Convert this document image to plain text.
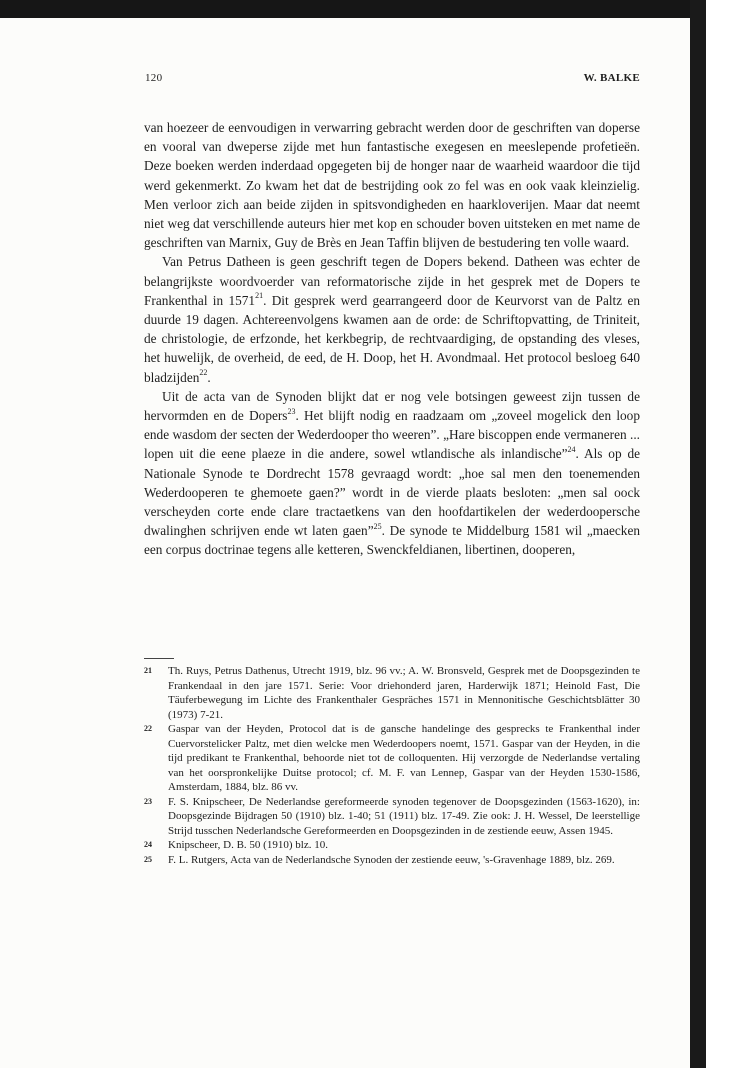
120	W. BALKE

van hoezeer de eenvoudigen in verwarring gebracht werden door de geschriften van doperse en vooral van dweperse zijde met hun fantastische exegesen en meeslepende profetieën. Deze boeken werden inderdaad opgegeten bij de honger naar de waarheid waardoor die tijd werd gekenmerkt. Zo kwam het dat de bestrijding ook zo fel was en ook vaak kleinzielig. Men verloor zich aan beide zijden in spitsvondigheden en haarkloverijen. Maar dat neemt niet weg dat verschillende auteurs hier met kop en schouder boven uitsteken en met name de geschriften van Marnix, Guy de Brès en Jean Taffin blijven de bestudering ten volle waard.

Van Petrus Datheen is geen geschrift tegen de Dopers bekend. Datheen was echter de belangrijkste woordvoerder van reformatorische zijde in het gesprek met de Dopers te Frankenthal in 1571$^{21}$. Dit gesprek werd gearrangeerd door de Keurvorst van de Paltz en duurde 19 dagen. Achtereenvolgens kwamen aan de orde: de Schriftopvatting, de Triniteit, de christologie, de erfzonde, het kerkbegrip, de rechtvaardiging, de opstanding des vleses, het huwelijk, de overheid, de eed, de H. Doop, het H. Avondmaal. Het protocol besloeg 640 bladzijden$^{22}$.

Uit de acta van de Synoden blijkt dat er nog vele botsingen geweest zijn tussen de hervormden en de Dopers$^{23}$. Het blijft nodig en raadzaam om „zoveel mogelick den loop ende wasdom der secten der Wederdooper tho weeren”. „Hare biscoppen ende vermaneren ... lopen uit die eene plaeze in die andere, sowel wtlandische als inlandische”$^{24}$. Als op de Nationale Synode te Dordrecht 1578 gevraagd wordt: „hoe sal men den toenemenden Wederdooperen te ghemoete gaen?” wordt in de vierde plaats besloten: „men sal oock verscheyden corte ende clare tractaetkens van den hoofdartikelen der wederdoopersche dwalinghen schrijven ende wt laten gaen”$^{25}$. De synode te Middelburg 1581 wil „maecken een corpus doctrinae tegens alle ketteren, Swenckfeldianen, libertinen, dooperen,

21 Th. Ruys, Petrus Dathenus, Utrecht 1919, blz. 96 vv.; A. W. Bronsveld, Gesprek met de Doopsgezinden te Frankendaal in den jare 1571. Serie: Voor driehonderd jaren, Harderwijk 1871; Heinold Fast, Die Täuferbewegung im Lichte des Frankenthaler Gespräches 1571 in Mennonitische Geschichtsblätter 30 (1973) 7-21.
22 Gaspar van der Heyden, Protocol dat is de gansche handelinge des gesprecks te Frankenthal inder Cuervorstelicker Paltz, met dien welcke men Wederdoopers noemt, 1571. Gaspar van der Heyden, in die tijd predikant te Frankenthal, behoorde niet tot de colloquenten. Hij verzorgde de Nederlandse vertaling van het oorspronkelijke Duitse protocol; cf. M. F. van Lennep, Gaspar van der Heyden 1530-1586, Amsterdam, 1884, blz. 86 vv.
23 F. S. Knipscheer, De Nederlandse gereformeerde synoden tegenover de Doopsgezinden (1563-1620), in: Doopsgezinde Bijdragen 50 (1910) blz. 1-40; 51 (1911) blz. 17-49. Zie ook: J. H. Wessel, De leerstellige Strijd tusschen Nederlandsche Gereformeerden en Doopsgezinden in de zestiende eeuw, Assen 1945.
24 Knipscheer, D. B. 50 (1910) blz. 10.
25 F. L. Rutgers, Acta van de Nederlandsche Synoden der zestiende eeuw, 's-Gravenhage 1889, blz. 269.
